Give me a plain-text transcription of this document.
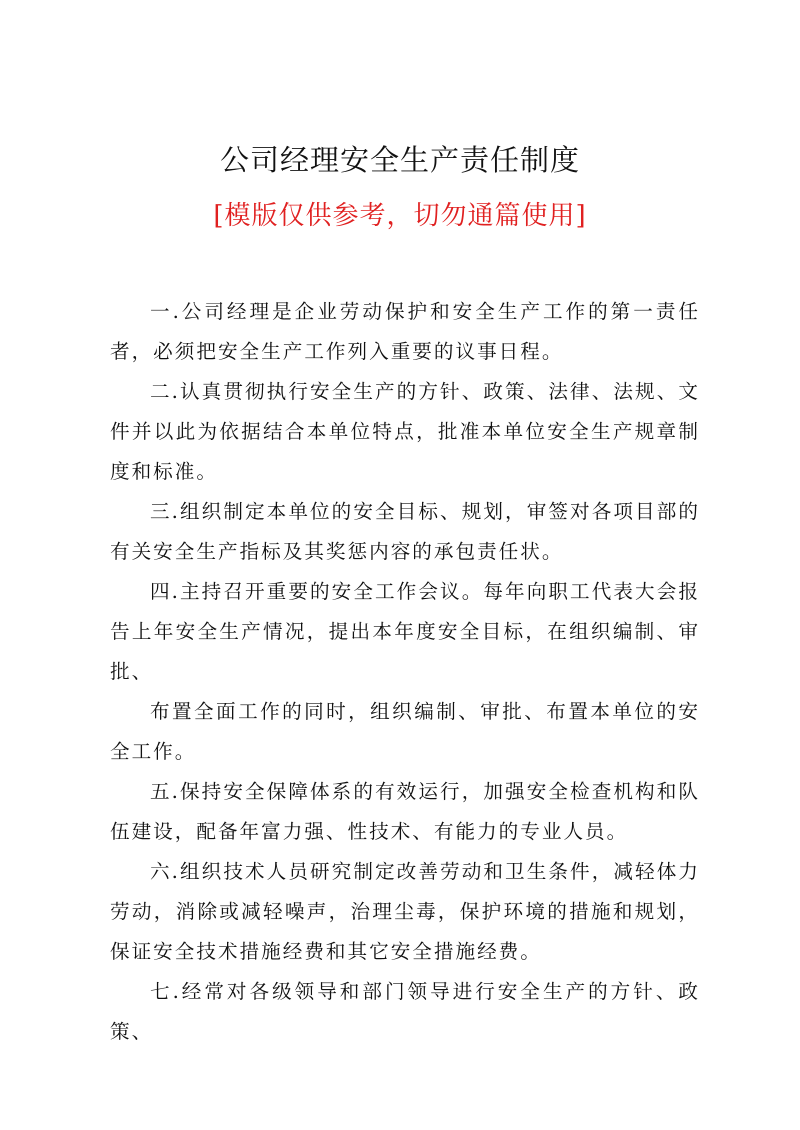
公司经理安全生产责任制度
[模版仅供参考，切勿通篇使用]

一.公司经理是企业劳动保护和安全生产工作的第一责任者，必须把安全生产工作列入重要的议事日程。

二.认真贯彻执行安全生产的方针、政策、法律、法规、文件并以此为依据结合本单位特点，批准本单位安全生产规章制度和标准。

三.组织制定本单位的安全目标、规划，审签对各项目部的有关安全生产指标及其奖惩内容的承包责任状。

四.主持召开重要的安全工作会议。每年向职工代表大会报告上年安全生产情况，提出本年度安全目标，在组织编制、审批、

布置全面工作的同时，组织编制、审批、布置本单位的安全工作。

五.保持安全保障体系的有效运行，加强安全检查机构和队伍建设，配备年富力强、性技术、有能力的专业人员。

六.组织技术人员研究制定改善劳动和卫生条件，减轻体力劳动，消除或减轻噪声，治理尘毒，保护环境的措施和规划，保证安全技术措施经费和其它安全措施经费。

七.经常对各级领导和部门领导进行安全生产的方针、政策、
